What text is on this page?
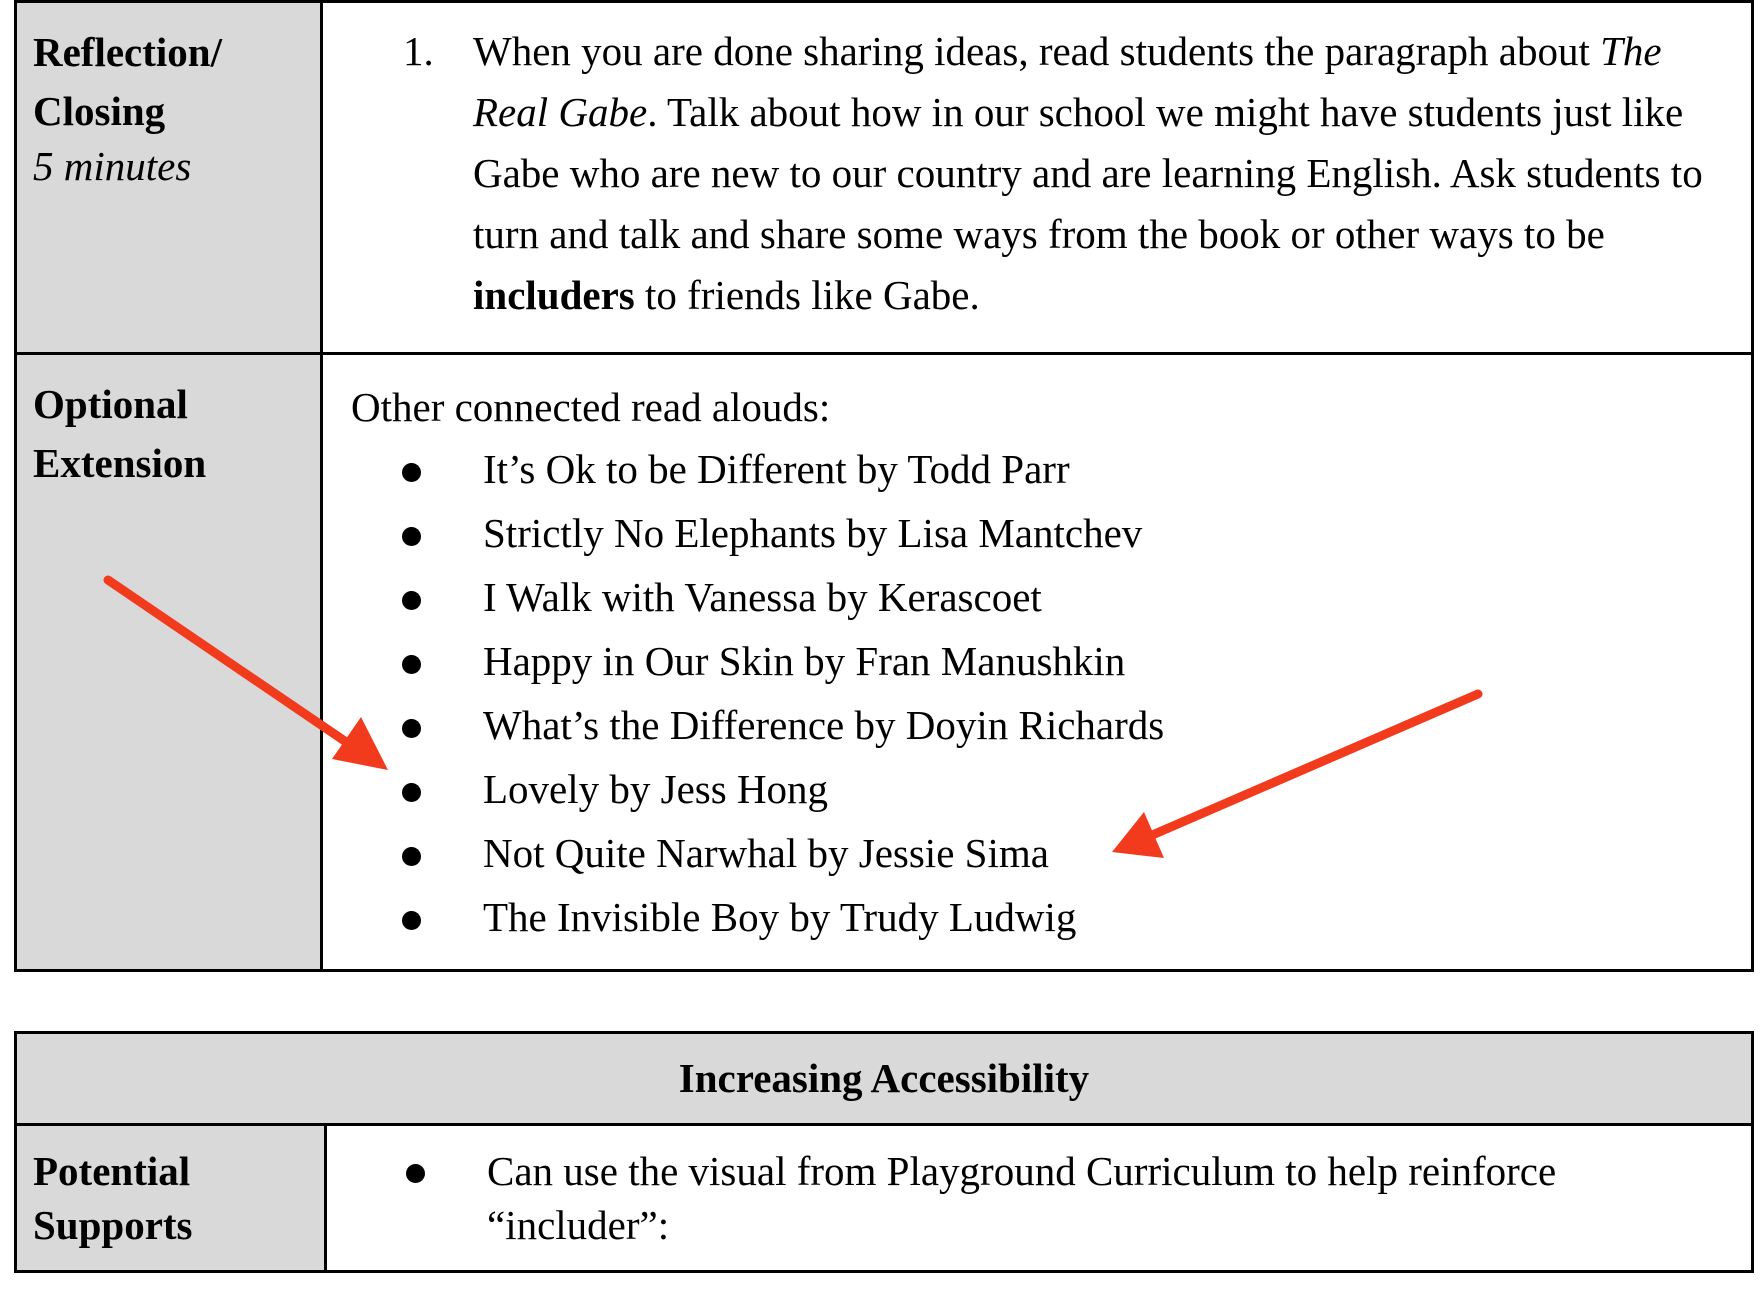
Reflection/
Closing
5 minutes
1. When you are done sharing ideas, read students the paragraph about The Real Gabe. Talk about how in our school we might have students just like Gabe who are new to our country and are learning English. Ask students to turn and talk and share some ways from the book or other ways to be includers to friends like Gabe.
Optional
Extension
Other connected read alouds:
It’s Ok to be Different by Todd Parr
Strictly No Elephants by Lisa Mantchev
I Walk with Vanessa by Kerascoet
Happy in Our Skin by Fran Manushkin
What’s the Difference by Doyin Richards
Lovely by Jess Hong
Not Quite Narwhal by Jessie Sima
The Invisible Boy by Trudy Ludwig
Increasing Accessibility
Potential
Supports
Can use the visual from Playground Curriculum to help reinforce “includer”:
